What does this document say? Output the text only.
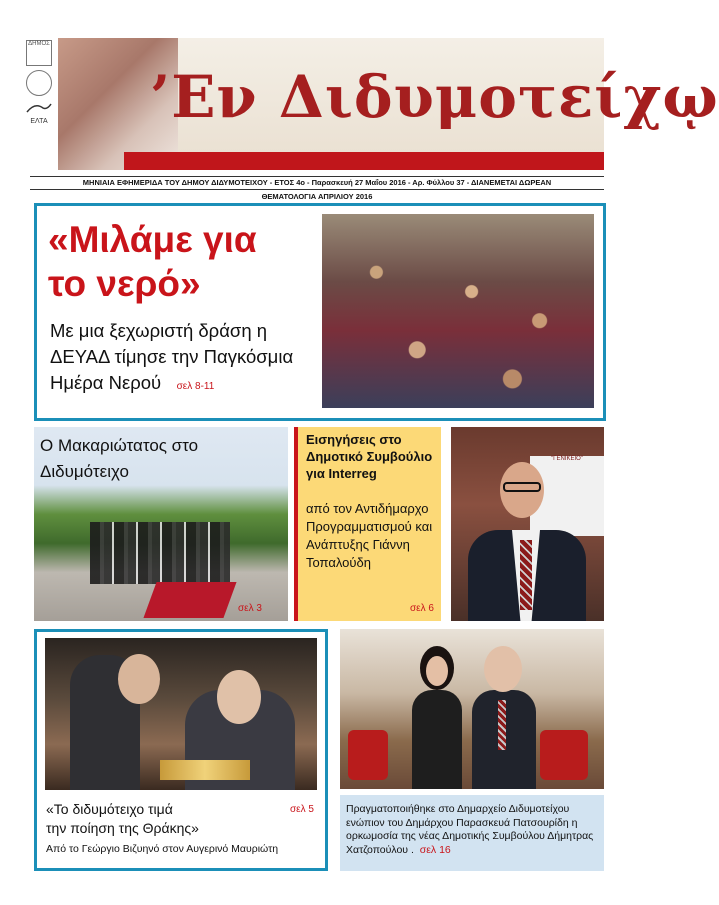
ΔΗΜΟΣ
ΕΛΤΑ ’Εν Διδυμοτείχῳ
ΜΗΝΙΑΙΑ ΕΦΗΜΕΡΙΔΑ ΤΟΥ ΔΗΜΟΥ ΔΙΔΥΜΟΤΕΙΧΟΥ - ΕΤΟΣ 4ο - Παρασκευή 27 Μαΐου 2016 - Αρ. Φύλλου 37 - ΔΙΑΝΕΜΕΤΑΙ ΔΩΡΕΑΝ
ΘΕΜΑΤΟΛΟΓΙΑ ΑΠΡΙΛΙΟΥ 2016
«Μιλάμε για
το νερό»
Με μια ξεχωριστή δράση η ΔΕΥΑΔ τίμησε την Παγκόσμια Ημέρα Νερού σελ 8-11
Ο Μακαριώτατος στο
Διδυμότειχο
σελ 3
Εισηγήσεις στο Δημοτικό Συμβούλιο για Interreg
από τον Αντιδήμαρχο Προγραμματισμού και Ανάπτυξης Γιάννη Τοπαλούδη
σελ 6
"ΓΕΝΙΚΕΙΟ"
«Το διδυμότειχο τιμά
την ποίηση της Θράκης»
σελ 5
Από το Γεώργιο Βιζυηνό στον Αυγερινό Μαυριώτη
Πραγματοποιήθηκε στο Δημαρχείο Διδυμοτείχου ενώπιον του Δημάρχου Παρασκευά Πατσουρίδη η ορκωμοσία της νέας Δημοτικής Συμβούλου Δήμητρας Χατζοπούλου . σελ 16
